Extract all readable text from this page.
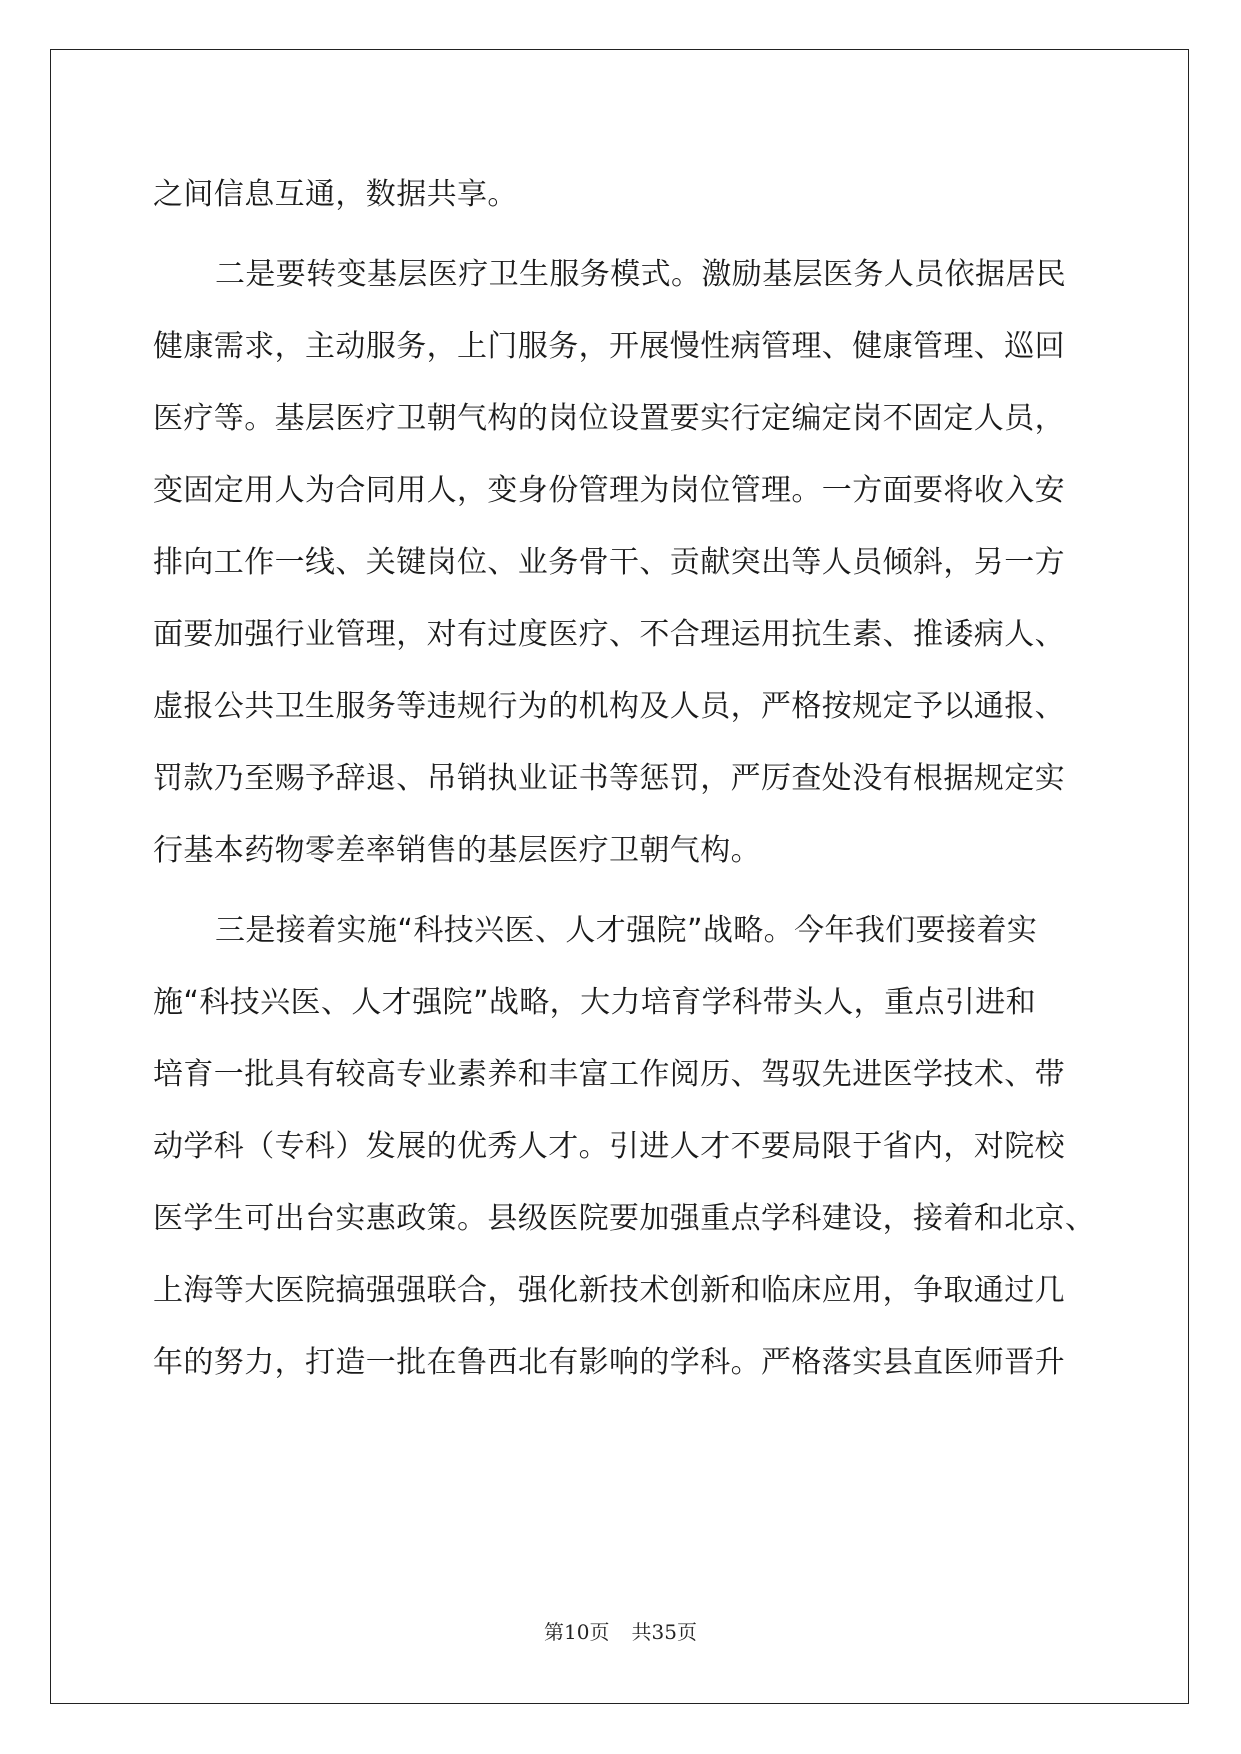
之间信息互通，数据共享。
二是要转变基层医疗卫生服务模式。激励基层医务人员依据居民
健康需求，主动服务，上门服务，开展慢性病管理、健康管理、巡回
医疗等。基层医疗卫朝气构的岗位设置要实行定编定岗不固定人员，
变固定用人为合同用人，变身份管理为岗位管理。一方面要将收入安
排向工作一线、关键岗位、业务骨干、贡献突出等人员倾斜，另一方
面要加强行业管理，对有过度医疗、不合理运用抗生素、推诿病人、
虚报公共卫生服务等违规行为的机构及人员，严格按规定予以通报、
罚款乃至赐予辞退、吊销执业证书等惩罚，严厉查处没有根据规定实
行基本药物零差率销售的基层医疗卫朝气构。
三是接着实施“科技兴医、人才强院”战略。今年我们要接着实
施“科技兴医、人才强院”战略，大力培育学科带头人，重点引进和
培育一批具有较高专业素养和丰富工作阅历、驾驭先进医学技术、带
动学科（专科）发展的优秀人才。引进人才不要局限于省内，对院校
医学生可出台实惠政策。县级医院要加强重点学科建设，接着和北京、
上海等大医院搞强强联合，强化新技术创新和临床应用，争取通过几
年的努力，打造一批在鲁西北有影响的学科。严格落实县直医师晋升
第10页 共35页
